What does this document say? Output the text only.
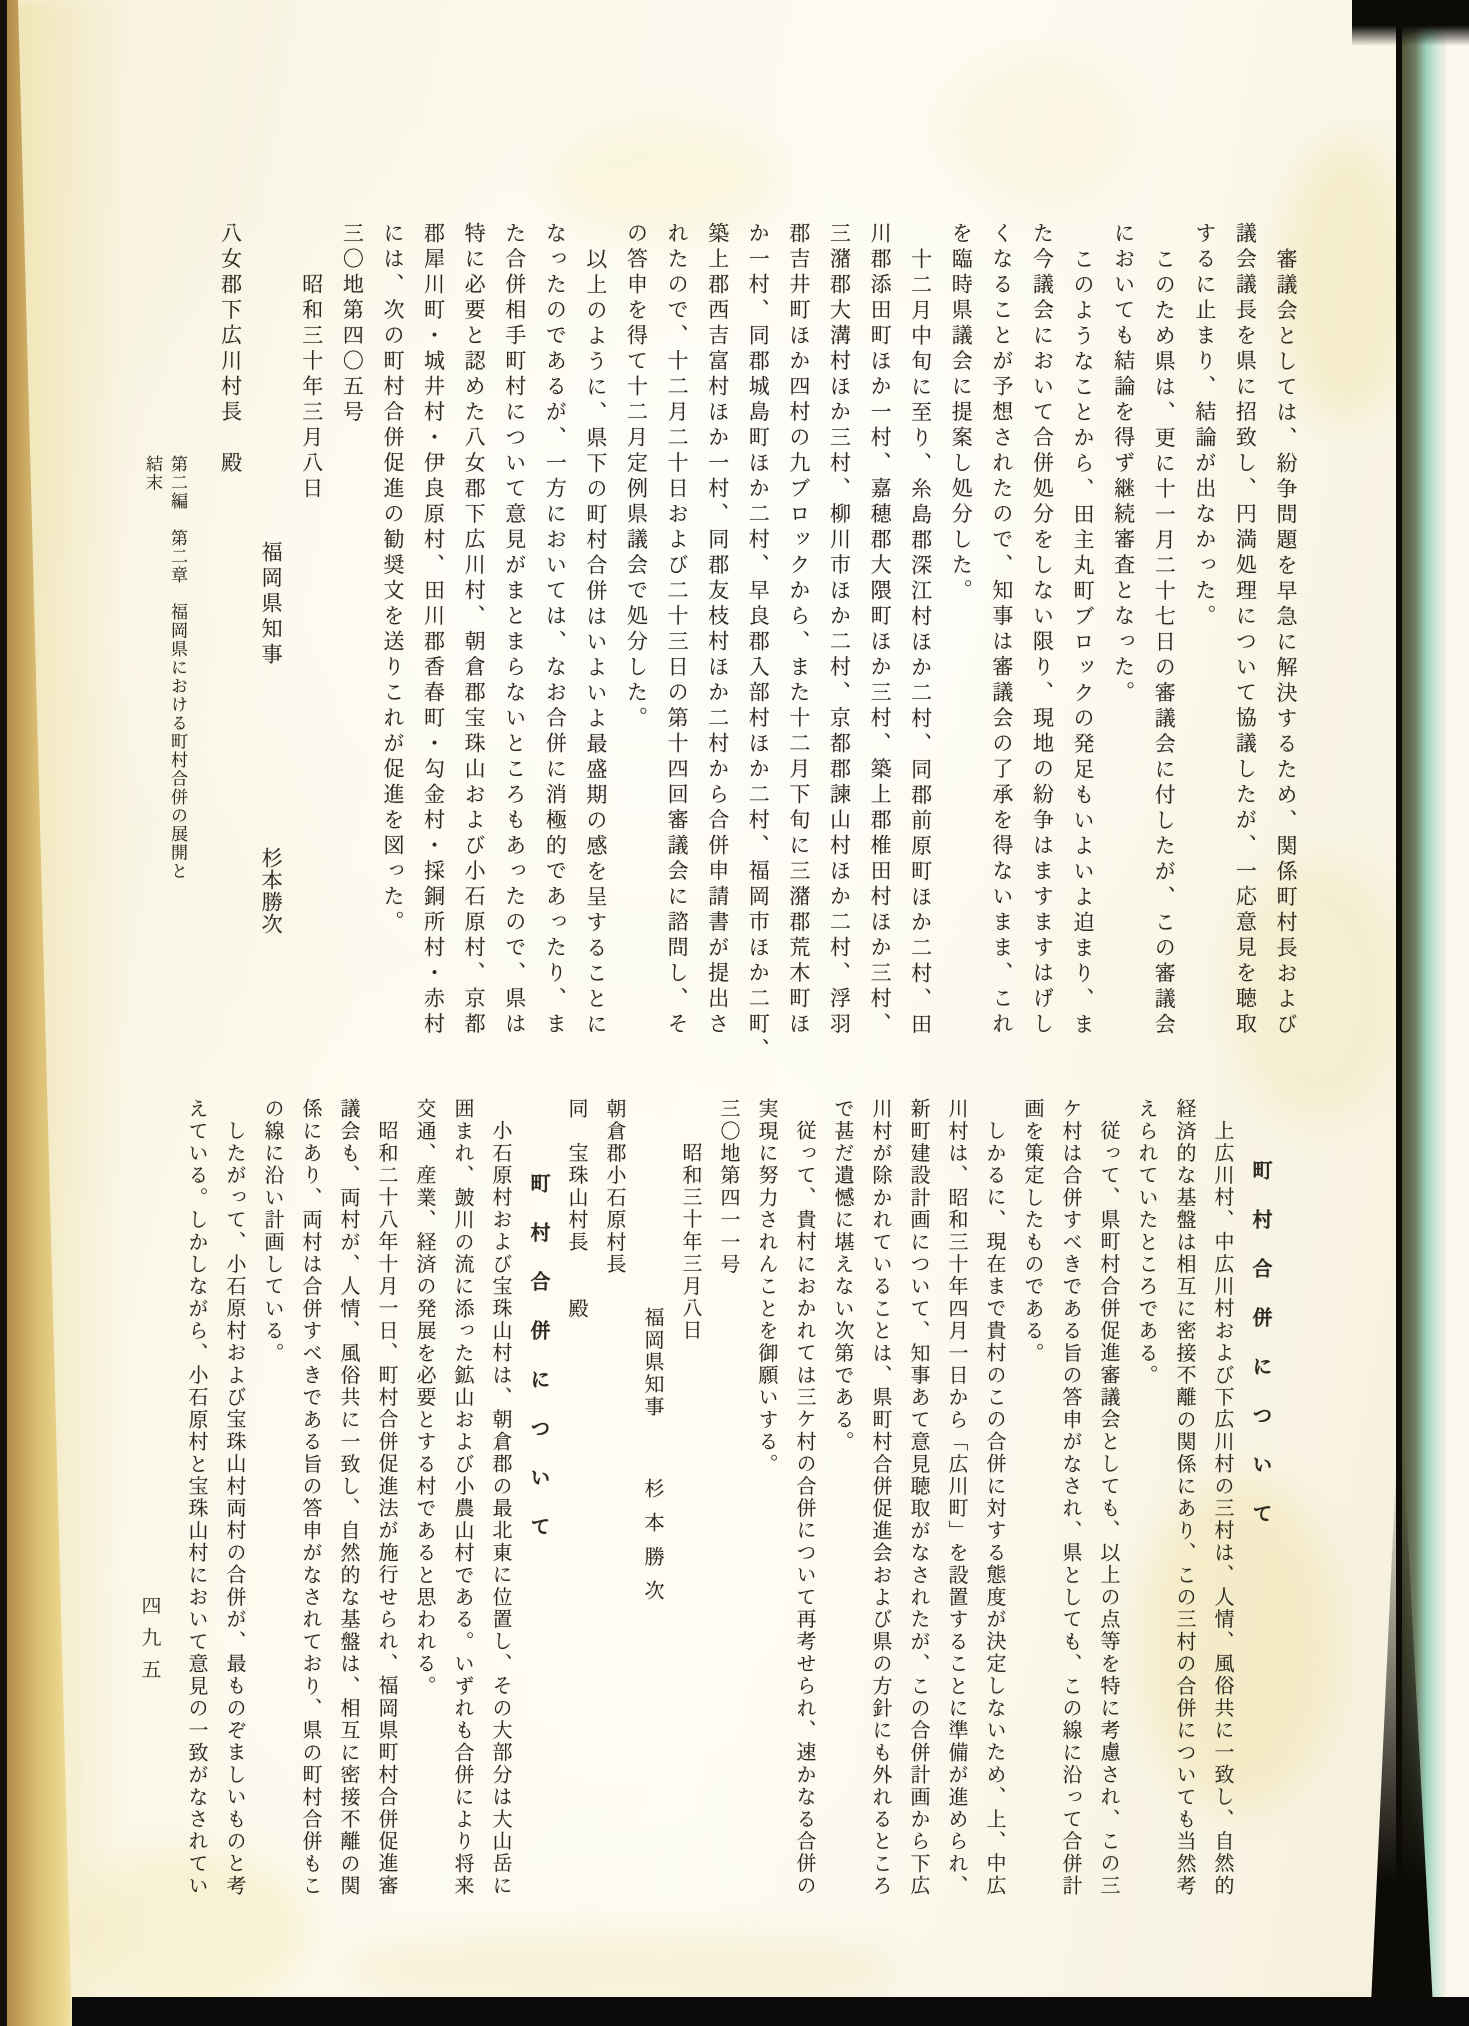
審議会としては、紛争問題を早急に解決するため、関係町村長および
議会議長を県に招致し、円満処理について協議したが、一応意見を聴取
するに止まり、結論が出なかった。
このため県は、更に十一月二十七日の審議会に付したが、この審議会
においても結論を得ず継続審査となった。
このようなことから、田主丸町ブロックの発足もいよいよ迫まり、ま
た今議会において合併処分をしない限り、現地の紛争はますますはげし
くなることが予想されたので、知事は審議会の了承を得ないまま、これ
を臨時県議会に提案し処分した。
十二月中旬に至り、糸島郡深江村ほか二村、同郡前原町ほか二村、田
川郡添田町ほか一村、嘉穂郡大隈町ほか三村、築上郡椎田村ほか三村、
三潴郡大溝村ほか三村、柳川市ほか二村、京都郡諫山村ほか二村、浮羽
郡吉井町ほか四村の九ブロックから、また十二月下旬に三潴郡荒木町ほ
か一村、同郡城島町ほか二村、早良郡入部村ほか二村、福岡市ほか二町、
築上郡西吉富村ほか一村、同郡友枝村ほか二村から合併申請書が提出さ
れたので、十二月二十日および二十三日の第十四回審議会に諮問し、そ
の答申を得て十二月定例県議会で処分した。
以上のように、県下の町村合併はいよいよ最盛期の感を呈することに
なったのであるが、一方においては、なお合併に消極的であったり、ま
た合併相手町村について意見がまとまらないところもあったので、県は
特に必要と認めた八女郡下広川村、朝倉郡宝珠山および小石原村、京都
郡犀川町・城井村・伊良原村、田川郡香春町・勾金村・採銅所村・赤村
には、次の町村合併促進の勧奨文を送りこれが促進を図った。
三〇地第四〇五号
昭和三十年三月八日
福岡県知事杉本勝次
八女郡下広川村長　殿
町村合併について
上広川村、中広川村および下広川村の三村は、人情、風俗共に一致し、自然的
経済的な基盤は相互に密接不離の関係にあり、この三村の合併についても当然考
えられていたところである。
従って、県町村合併促進審議会としても、以上の点等を特に考慮され、この三
ケ村は合併すべきである旨の答申がなされ、県としても、この線に沿って合併計
画を策定したものである。
しかるに、現在まで貴村のこの合併に対する態度が決定しないため、上、中広
川村は、昭和三十年四月一日から「広川町」を設置することに準備が進められ、
新町建設計画について、知事あて意見聴取がなされたが、この合併計画から下広
川村が除かれていることは、県町村合併促進会および県の方針にも外れるところ
で甚だ遺憾に堪えない次第である。
従って、貴村におかれては三ケ村の合併について再考せられ、速かなる合併の
実現に努力されんことを御願いする。
三〇地第四一一号
昭和三十年三月八日
福岡県知事杉本勝次
朝倉郡小石原村長
同　宝珠山村長　　殿
町村合併について
小石原村および宝珠山村は、朝倉郡の最北東に位置し、その大部分は大山岳に
囲まれ、皷川の流に添った鉱山および小農山村である。いずれも合併により将来
交通、産業、経済の発展を必要とする村であると思われる。
昭和二十八年十月一日、町村合併促進法が施行せられ、福岡県町村合併促進審
議会も、両村が、人情、風俗共に一致し、自然的な基盤は、相互に密接不離の関
係にあり、両村は合併すべきである旨の答申がなされており、県の町村合併もこ
の線に沿い計画している。
したがって、小石原村および宝珠山村両村の合併が、最ものぞましいものと考
えている。しかしながら、小石原村と宝珠山村において意見の一致がなされてい
第二編　第二章　福岡県における町村合併の展開と結末
四九五
